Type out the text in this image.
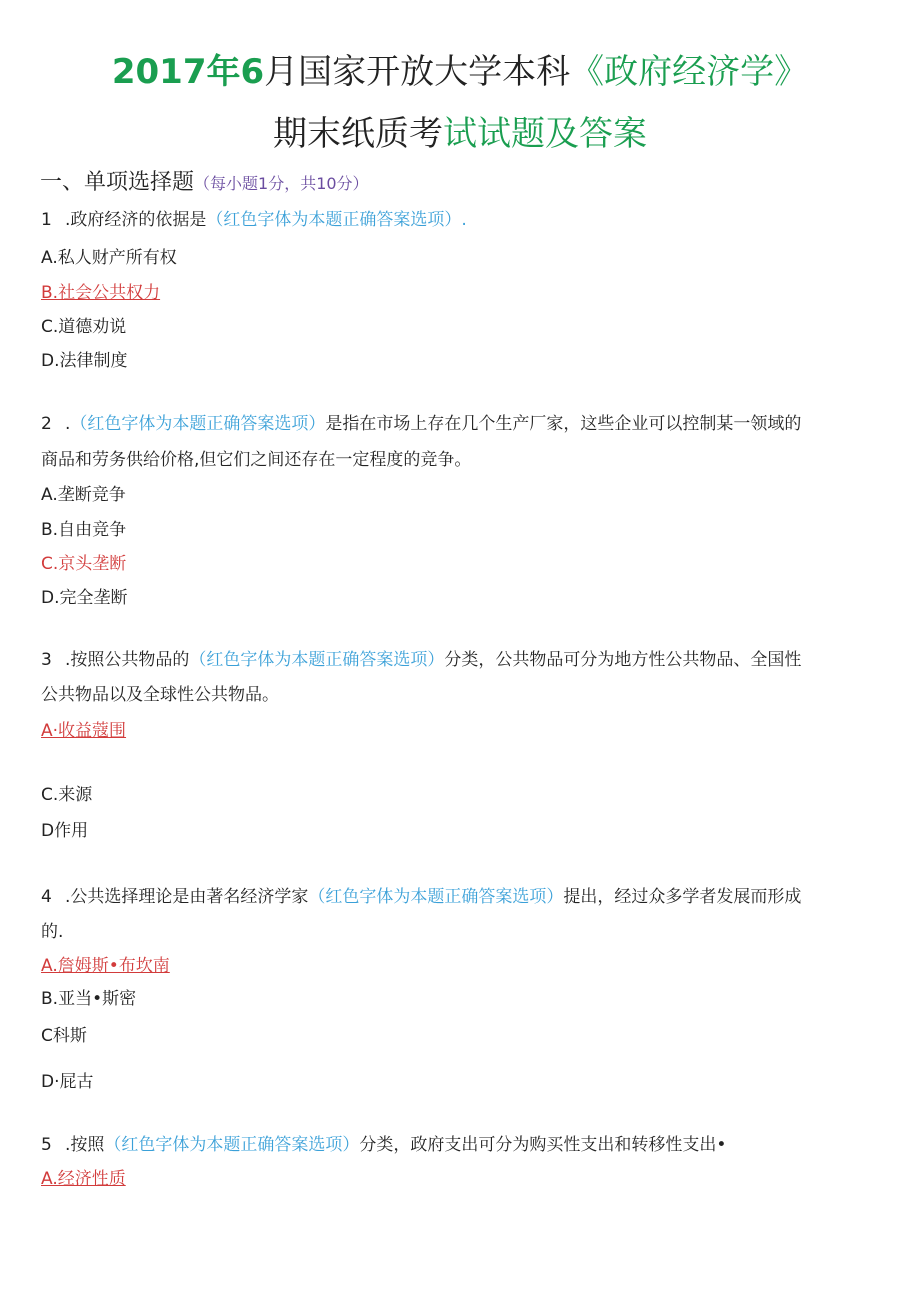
2017年6月国家开放大学本科《政府经济学》
期末纸质考试试题及答案
一、单项选择题（每小题1分，共10分）
1 .政府经济的依据是（红色字体为本题正确答案选项）.
A.私人财产所有权
B.社会公共权力
C.道德劝说
D.法律制度
2 .（红色字体为本题正确答案选项）是指在市场上存在几个生产厂家，这些企业可以控制某一领域的
商品和劳务供给价格,但它们之间还存在一定程度的竞争。
A.垄断竞争
B.自由竞争
C.京头垄断
D.完全垄断
3 .按照公共物品的（红色字体为本题正确答案选项）分类，公共物品可分为地方性公共物品、全国性
公共物品以及全球性公共物品。
A·收益蔻围
C.来源
D作用
4 .公共选择理论是由著名经济学家（红色字体为本题正确答案选项）提出，经过众多学者发展而形成
的.
A.詹姆斯•布坎南
B.亚当•斯密
C科斯
D·屁古
5 .按照（红色字体为本题正确答案选项）分类，政府支出可分为购买性支出和转移性支出•
A.经济性质
